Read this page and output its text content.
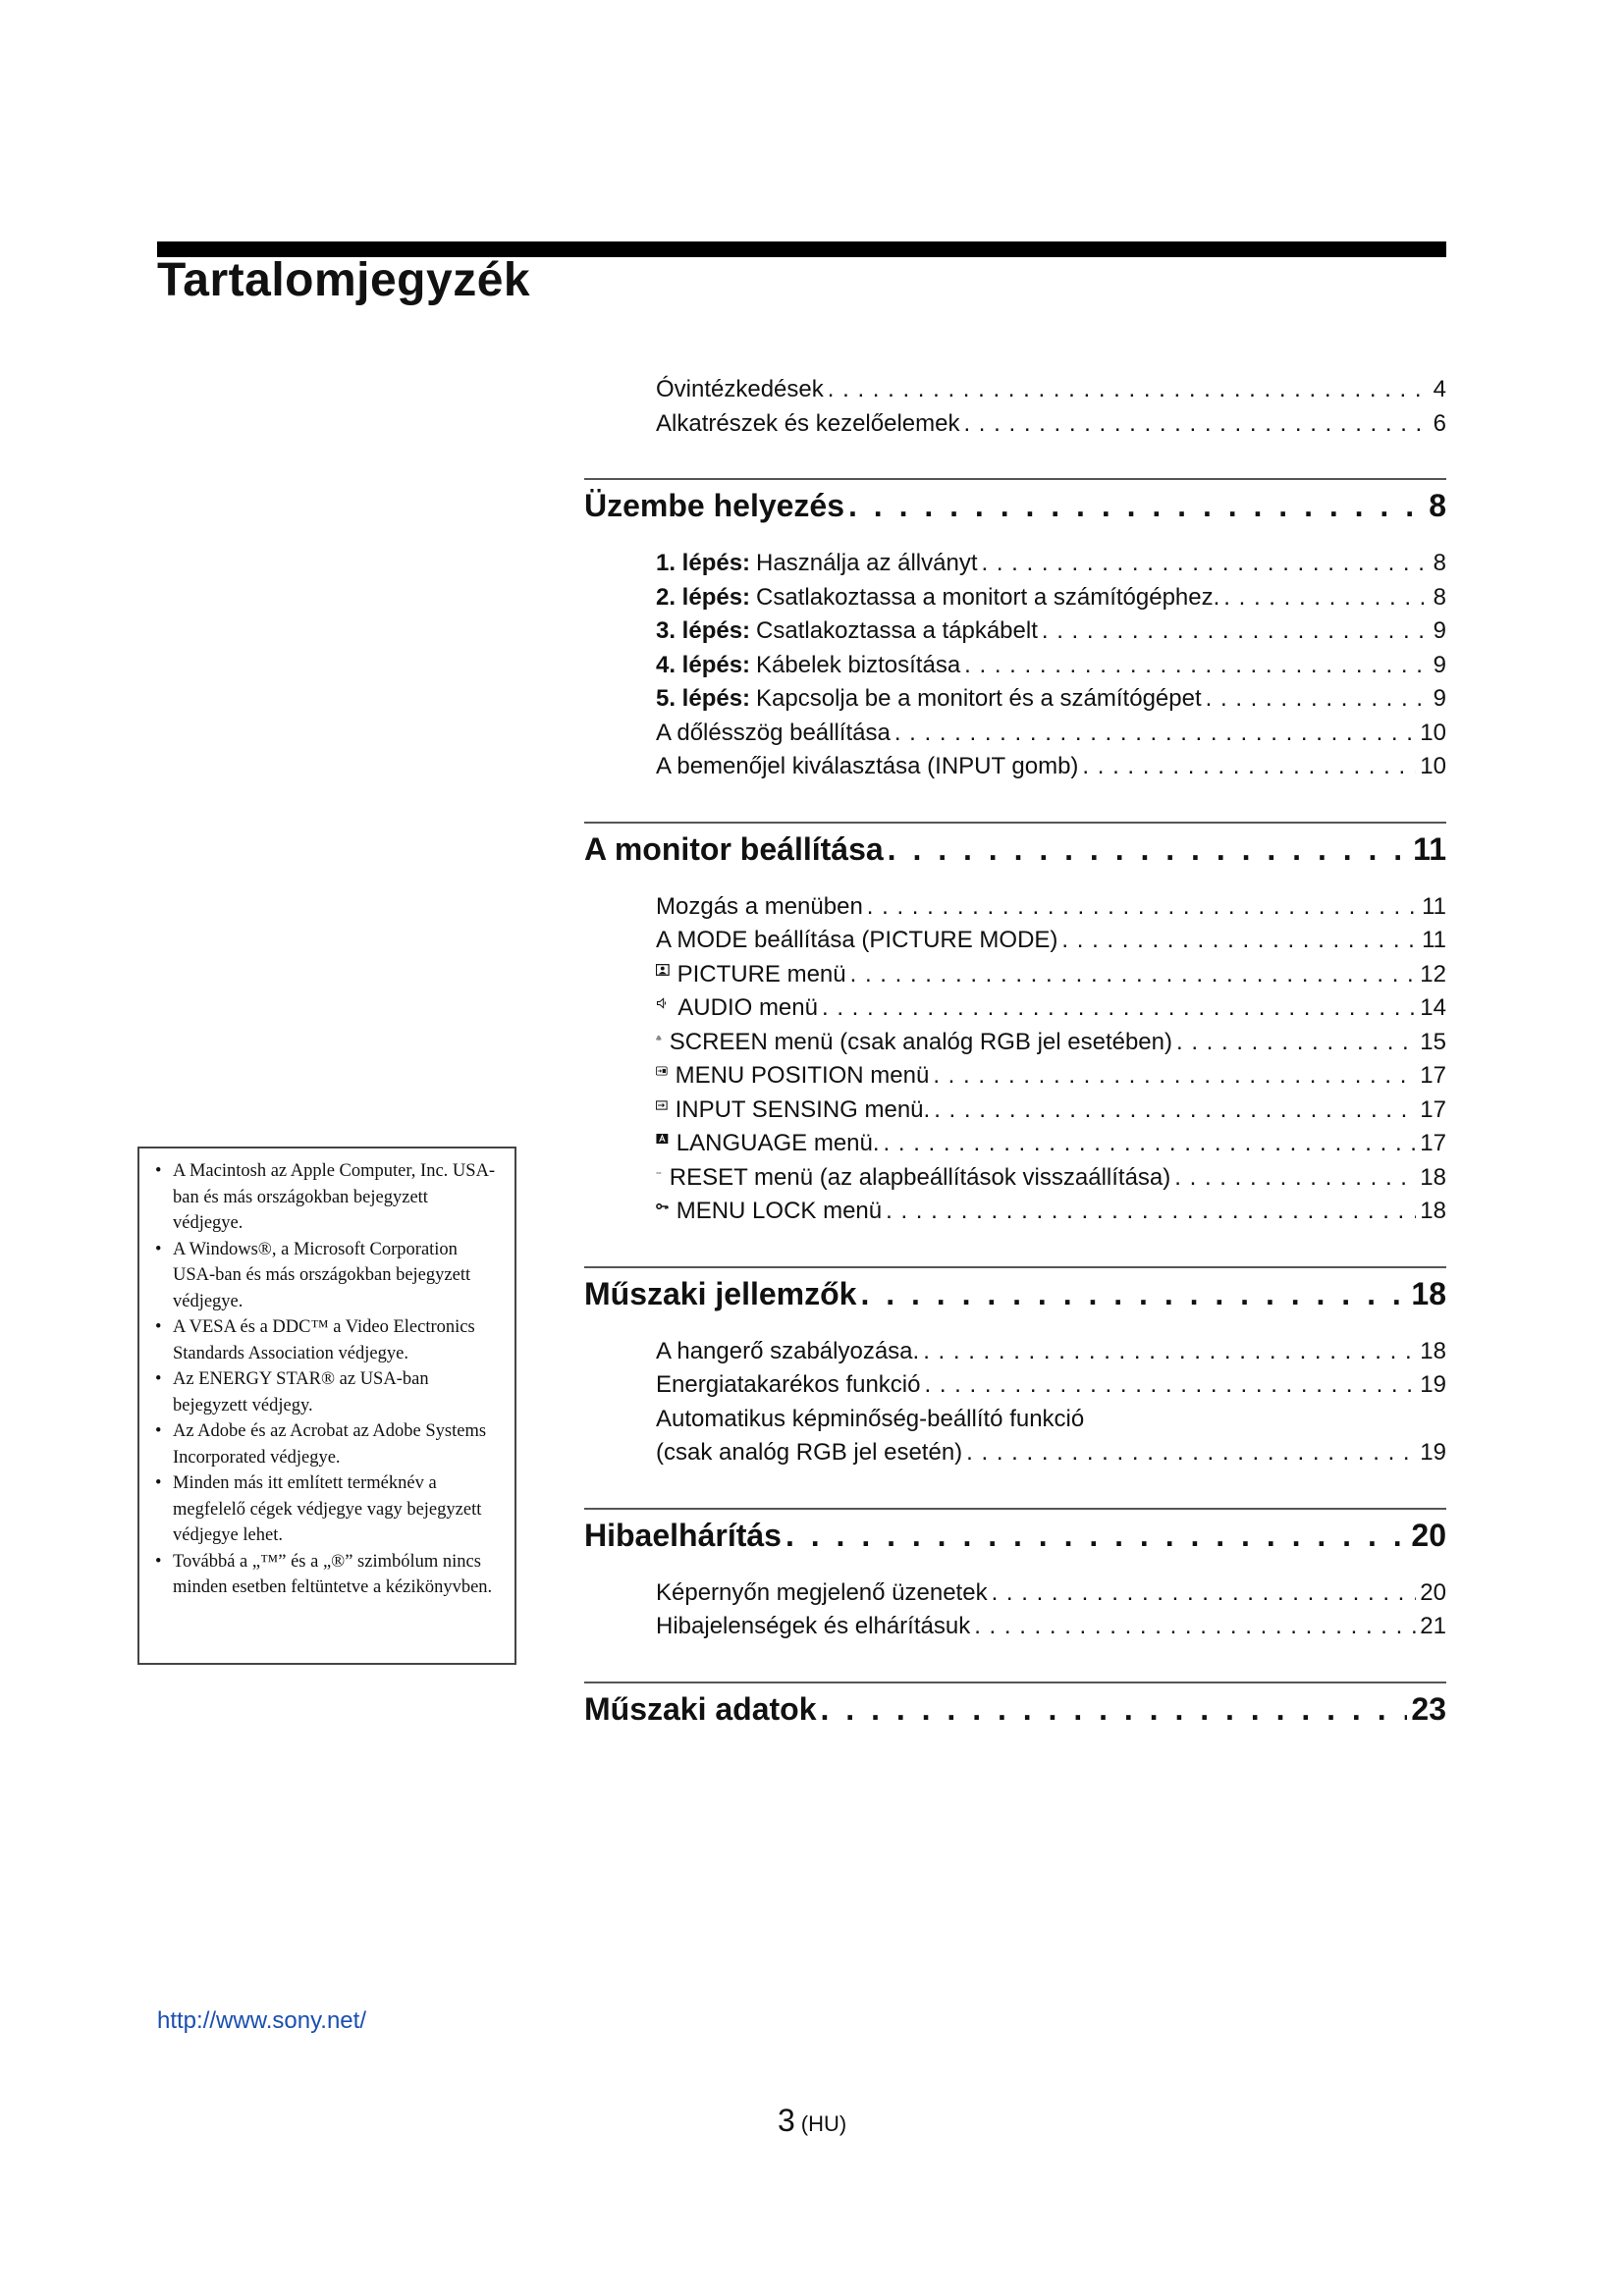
Tartalomjegyzék
Óvintézkedések . . .	4
Alkatrészek és kezelőelemek . . .	6
Üzembe helyezés . . .	8
1. lépés: Használja az állványt . . .	8
2. lépés: Csatlakoztassa a monitort a számítógéphez. . . .	8
3. lépés: Csatlakoztassa a tápkábelt . . .	9
4. lépés: Kábelek biztosítása . . .	9
5. lépés: Kapcsolja be a monitort és a számítógépet . . .	9
A dőlésszög beállítása . . .	10
A bemenőjel kiválasztása (INPUT gomb) . . .	10
A monitor beállítása . . .	11
Mozgás a menüben . . .	11
A MODE beállítása (PICTURE MODE) . . .	11
PICTURE menü . . .	12
AUDIO menü . . .	14
SCREEN menü (csak analóg RGB jel esetében) . . .	15
MENU POSITION menü . . .	17
INPUT SENSING menü. . . .	17
LANGUAGE menü. . . .	17
RESET menü (az alapbeállítások visszaállítása) . . .	18
MENU LOCK menü . . .	18
Műszaki jellemzők . . .	18
A hangerő szabályozása. . . .	18
Energiatakarékos funkció . . .	19
Automatikus képminőség-beállító funkció
(csak analóg RGB jel esetén) . . .	19
Hibaelhárítás . . .	20
Képernyőn megjelenő üzenetek . . .	20
Hibajelenségek és elhárításuk . . .	21
Műszaki adatok . . .	23
• A Macintosh az Apple Computer, Inc. USA-ban és más országokban bejegyzett védjegye.
• A Windows®, a Microsoft Corporation USA-ban és más országokban bejegyzett védjegye.
• A VESA és a DDC™ a Video Electronics Standards Association védjegye.
• Az ENERGY STAR® az USA-ban bejegyzett védjegy.
• Az Adobe és az Acrobat az Adobe Systems Incorporated védjegye.
• Minden más itt említett terméknév a megfelelő cégek védjegye vagy bejegyzett védjegye lehet.
• Továbbá a „™” és a „®” szimbólum nincs minden esetben feltüntetve a kézikönyvben.
http://www.sony.net/
3 (HU)
